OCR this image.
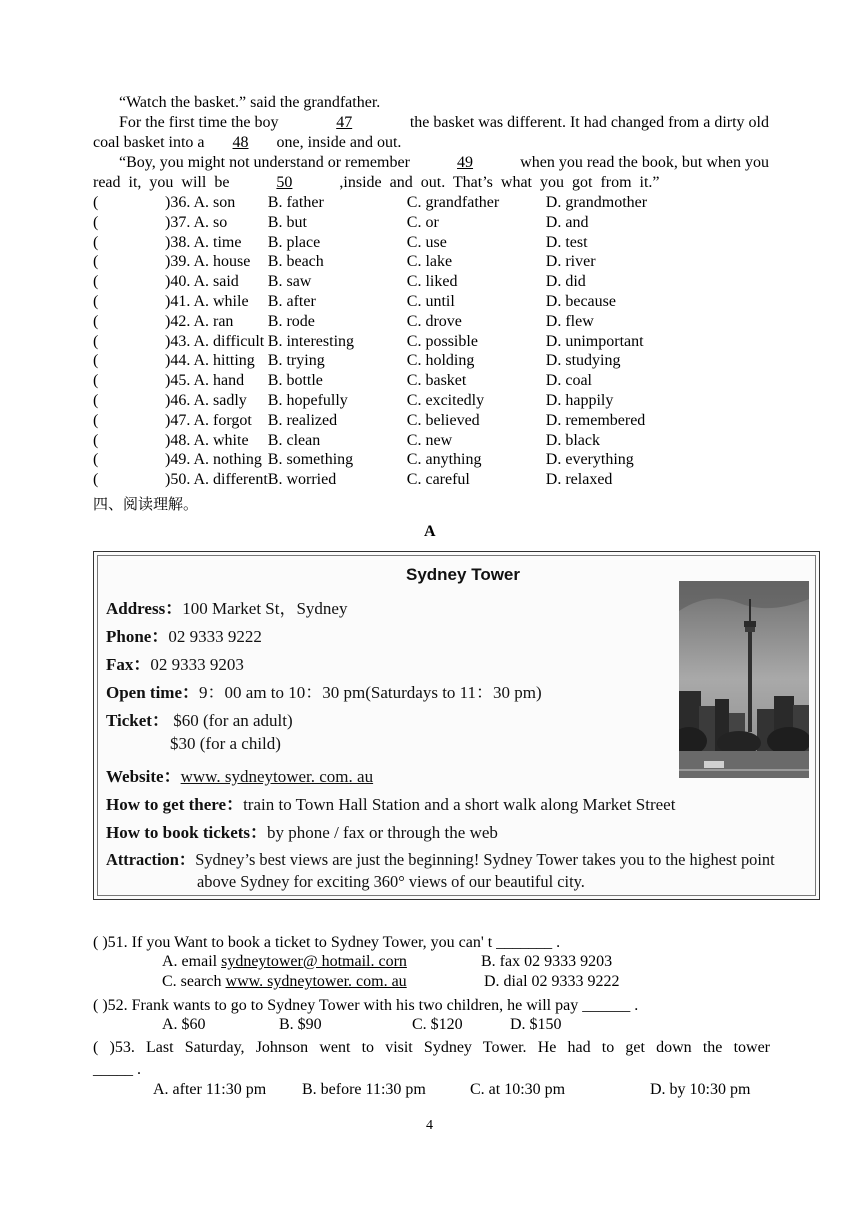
“Watch the basket.” said the grandfather.
For the first time the boy	47	the basket was different. It had changed from a dirty old
coal basket into a 48 one, inside and out.
“Boy, you might not understand or remember	49	when you read the book, but when you
read  it,  you  will  be	50	,inside  and  out.  That’s  what  you  got  from  it.”
(	)36. A. son	B. father	C. grandfather	D. grandmother
(	)37. A. so	B. but	C. or	D. and
(	)38. A. time	B. place	C. use	D. test
(	)39. A. house	B. beach	C. lake	D. river
(	)40. A. said	B. saw	C. liked	D. did
(	)41. A. while	B. after	C. until	D. because
(	)42. A. ran	B. rode	C. drove	D. flew
(	)43. A. difficult	B. interesting	C. possible	D. unimportant
(	)44. A. hitting	B. trying	C. holding	D. studying
(	)45. A. hand	B. bottle	C. basket	D. coal
(	)46. A. sadly	B. hopefully	C. excitedly	D. happily
(	)47. A. forgot	B. realized	C. believed	D. remembered
(	)48. A. white	B. clean	C. new	D. black
(	)49. A. nothing	B. something	C. anything	D. everything
(	)50. A. different	B. worried	C. careful	D. relaxed
四、阅读理解。
A
Sydney Tower
Address：100 Market St，Sydney
Phone：02 9333 9222
Fax：02 9333 9203
Open time：9：00 am to 10：30 pm(Saturdays to 11：30 pm)
Ticket： $60 (for an adult)
$30 (for a child)
Website：www. sydneytower. com. au
How to get there：train to Town Hall Station and a short walk along Market Street
How to book tickets：by phone / fax or through the web
Attraction：Sydney’s best views are just the beginning! Sydney Tower takes you to the highest point
above Sydney for exciting 360° views of our beautiful city.
( )51. If you Want to book a ticket to Sydney Tower, you can' t _______ .
A. email sydneytower@ hotmail. corn	B. fax 02 9333 9203
C. search www. sydneytower. com. au	D. dial 02 9333 9222
( )52. Frank wants to go to Sydney Tower with his two children, he will pay ______ .
A. $60	B. $90	C. $120	D. $150
( )53. Last Saturday, Johnson went to visit Sydney Tower. He had to get down the tower
_____ .
A. after 11:30 pm B. before 11:30 pm	C. at 10:30 pm	D. by 10:30 pm
4
